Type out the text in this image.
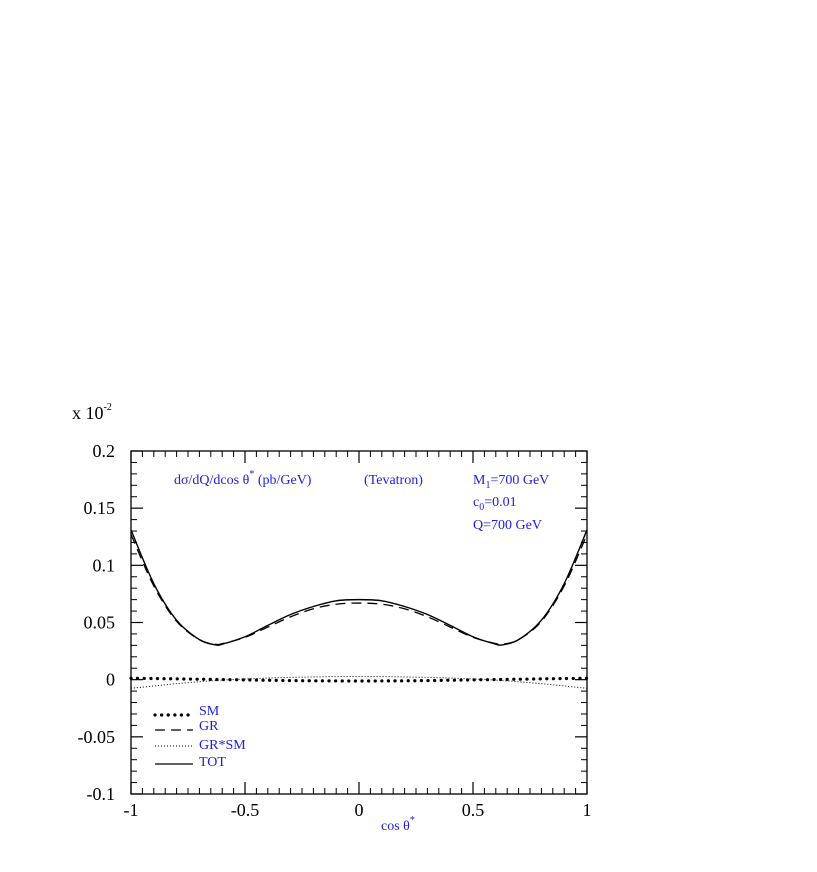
x $10^{-2}$
-1	-0.5	0	0.5	1
-0.1
-0.05
0
0.05
0.1
0.15
0.2
dσ/dQ/dcos θ* (pb/GeV)	(Tevatron)	$M_1=700$ GeV
$c_0=0.01$
Q=700 GeV
SM
GR
GR*SM
TOT
cos θ*
